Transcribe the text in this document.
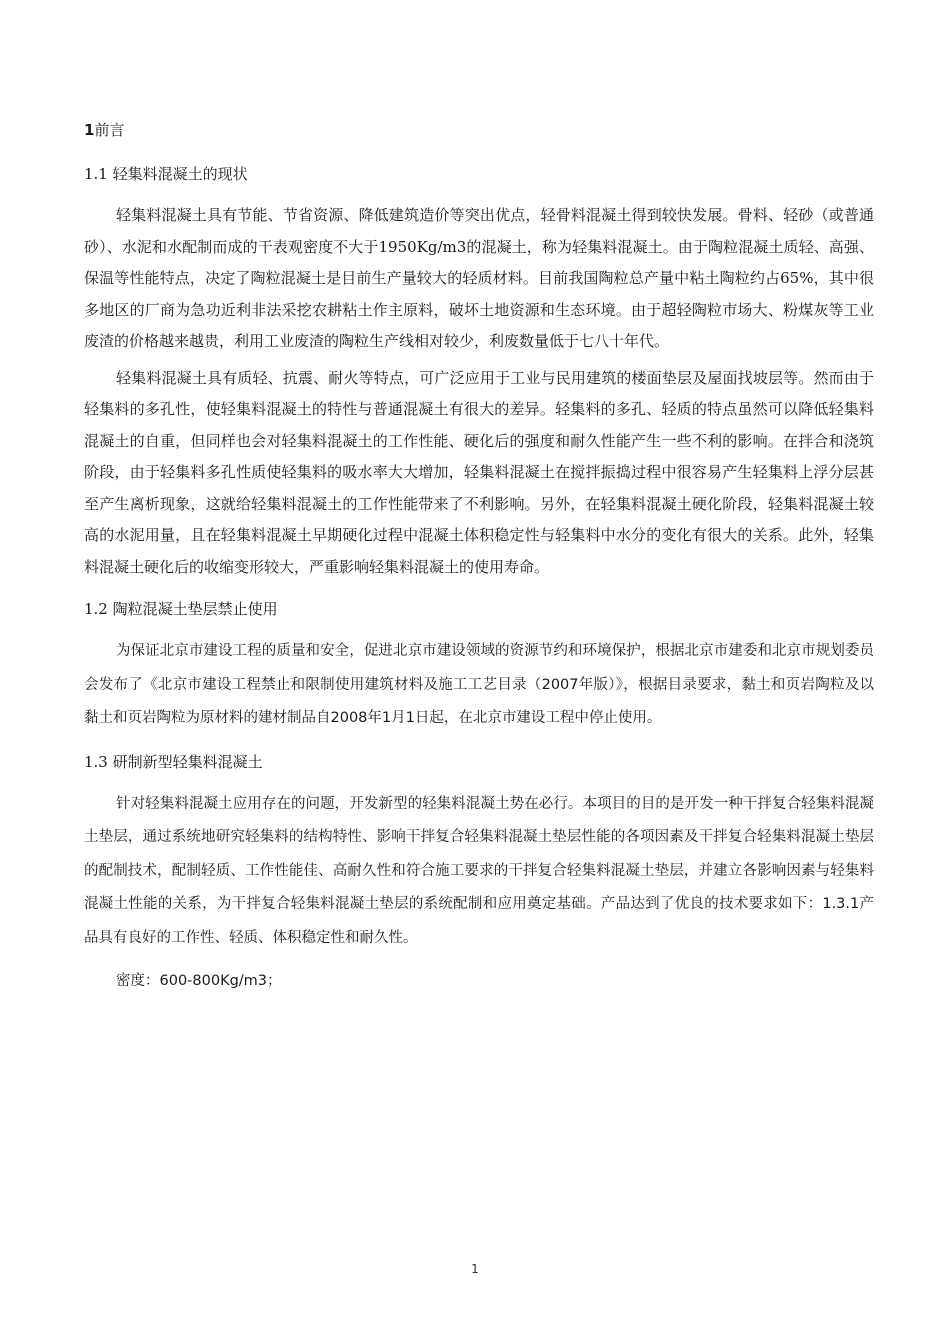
1前言
1.1 轻集料混凝土的现状

轻集料混凝土具有节能、节省资源、降低建筑造价等突出优点，轻骨料混凝土得到较快发展。骨料、轻砂（或普通砂）、水泥和水配制而成的干表观密度不大于1950Kg/m3的混凝土，称为轻集料混凝土。由于陶粒混凝土质轻、高强、保温等性能特点，决定了陶粒混凝土是目前生产量较大的轻质材料。目前我国陶粒总产量中粘土陶粒约占65%，其中很多地区的厂商为急功近利非法采挖农耕粘土作主原料，破坏土地资源和生态环境。由于超轻陶粒市场大、粉煤灰等工业废渣的价格越来越贵，利用工业废渣的陶粒生产线相对较少，利废数量低于七八十年代。

轻集料混凝土具有质轻、抗震、耐火等特点，可广泛应用于工业与民用建筑的楼面垫层及屋面找坡层等。然而由于轻集料的多孔性，使轻集料混凝土的特性与普通混凝土有很大的差异。轻集料的多孔、轻质的特点虽然可以降低轻集料混凝土的自重，但同样也会对轻集料混凝土的工作性能、硬化后的强度和耐久性能产生一些不利的影响。在拌合和浇筑阶段，由于轻集料多孔性质使轻集料的吸水率大大增加，轻集料混凝土在搅拌振捣过程中很容易产生轻集料上浮分层甚至产生离析现象，这就给轻集料混凝土的工作性能带来了不利影响。另外，在轻集料混凝土硬化阶段，轻集料混凝土较高的水泥用量，且在轻集料混凝土早期硬化过程中混凝土体积稳定性与轻集料中水分的变化有很大的关系。此外，轻集料混凝土硬化后的收缩变形较大，严重影响轻集料混凝土的使用寿命。

1.2 陶粒混凝土垫层禁止使用

为保证北京市建设工程的质量和安全，促进北京市建设领域的资源节约和环境保护，根据北京市建委和北京市规划委员会发布了《北京市建设工程禁止和限制使用建筑材料及施工工艺目录（2007年版）》，根据目录要求，黏土和页岩陶粒及以黏土和页岩陶粒为原材料的建材制品自2008年1月1日起，在北京市建设工程中停止使用。

1.3 研制新型轻集料混凝土

针对轻集料混凝土应用存在的问题，开发新型的轻集料混凝土势在必行。本项目的目的是开发一种干拌复合轻集料混凝土垫层，通过系统地研究轻集料的结构特性、影响干拌复合轻集料混凝土垫层性能的各项因素及干拌复合轻集料混凝土垫层的配制技术，配制轻质、工作性能佳、高耐久性和符合施工要求的干拌复合轻集料混凝土垫层，并建立各影响因素与轻集料混凝土性能的关系，为干拌复合轻集料混凝土垫层的系统配制和应用奠定基础。产品达到了优良的技术要求如下：1.3.1产品具有良好的工作性、轻质、体积稳定性和耐久性。

密度：600-800Kg/m3；

1
